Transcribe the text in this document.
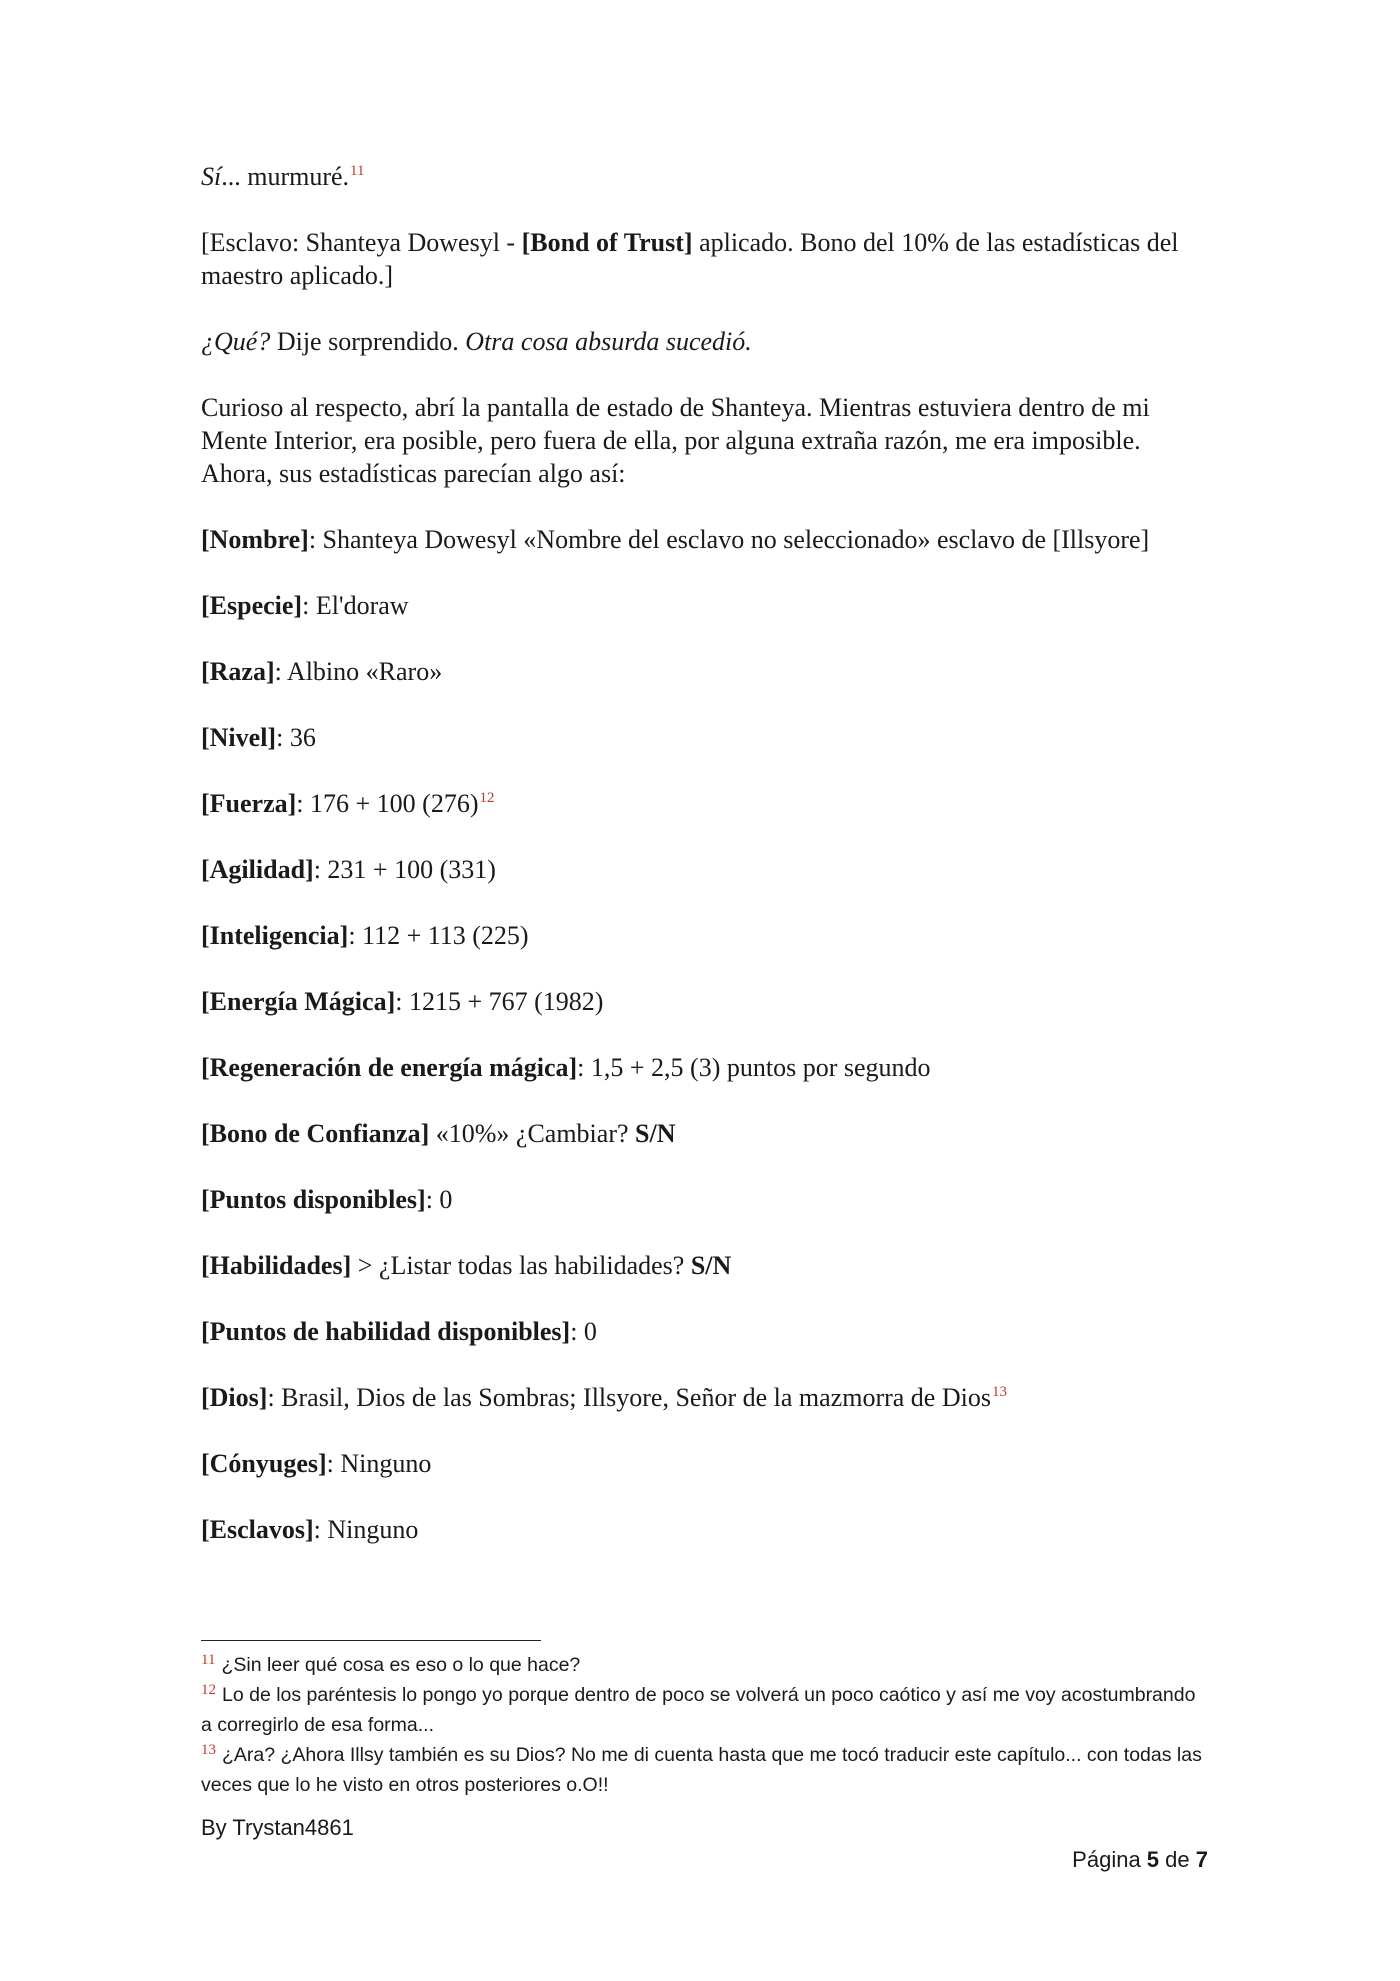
Sí... murmuré.$^{11}$

[Esclavo: Shanteya Dowesyl - [Bond of Trust] aplicado. Bono del 10% de las estadísticas del maestro aplicado.]

¿Qué? Dije sorprendido. Otra cosa absurda sucedió.

Curioso al respecto, abrí la pantalla de estado de Shanteya. Mientras estuviera dentro de mi Mente Interior, era posible, pero fuera de ella, por alguna extraña razón, me era imposible. Ahora, sus estadísticas parecían algo así:

[Nombre]: Shanteya Dowesyl «Nombre del esclavo no seleccionado» esclavo de [Illsyore]

[Especie]: El'doraw

[Raza]: Albino «Raro»

[Nivel]: 36

[Fuerza]: 176 + 100 (276)$^{12}$

[Agilidad]: 231 + 100 (331)

[Inteligencia]: 112 + 113 (225)

[Energía Mágica]: 1215 + 767 (1982)

[Regeneración de energía mágica]: 1,5 + 2,5 (3) puntos por segundo

[Bono de Confianza] «10%» ¿Cambiar? S/N

[Puntos disponibles]: 0

[Habilidades] > ¿Listar todas las habilidades? S/N

[Puntos de habilidad disponibles]: 0

[Dios]: Brasil, Dios de las Sombras; Illsyore, Señor de la mazmorra de Dios$^{13}$

[Cónyuges]: Ninguno

[Esclavos]: Ninguno

$^{11}$ ¿Sin leer qué cosa es eso o lo que hace?

$^{12}$ Lo de los paréntesis lo pongo yo porque dentro de poco se volverá un poco caótico y así me voy acostumbrando a corregirlo de esa forma...

$^{13}$ ¿Ara? ¿Ahora Illsy también es su Dios? No me di cuenta hasta que me tocó traducir este capítulo... con todas las veces que lo he visto en otros posteriores o.O!!

By Trystan4861
Página 5 de 7
